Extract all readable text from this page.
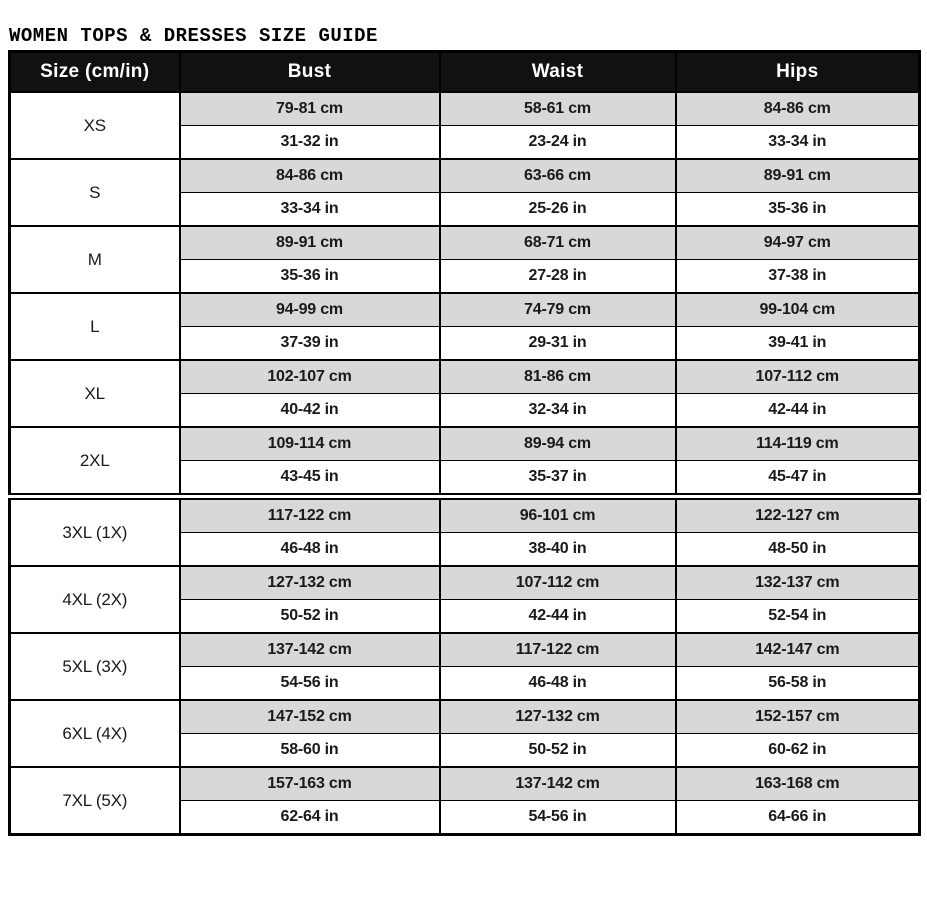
WOMEN TOPS & DRESSES SIZE GUIDE
Size (cm/in)	Bust	Waist	Hips
XS	79-81 cm	58-61 cm	84-86 cm
	31-32 in	23-24 in	33-34 in
S	84-86 cm	63-66 cm	89-91 cm
	33-34 in	25-26 in	35-36 in
M	89-91 cm	68-71 cm	94-97 cm
	35-36 in	27-28 in	37-38 in
L	94-99 cm	74-79 cm	99-104 cm
	37-39 in	29-31 in	39-41 in
XL	102-107 cm	81-86 cm	107-112 cm
	40-42 in	32-34 in	42-44 in
2XL	109-114 cm	89-94 cm	114-119 cm
	43-45 in	35-37 in	45-47 in
3XL (1X)	117-122 cm	96-101 cm	122-127 cm
	46-48 in	38-40 in	48-50 in
4XL (2X)	127-132 cm	107-112 cm	132-137 cm
	50-52 in	42-44 in	52-54 in
5XL (3X)	137-142 cm	117-122 cm	142-147 cm
	54-56 in	46-48 in	56-58 in
6XL (4X)	147-152 cm	127-132 cm	152-157 cm
	58-60 in	50-52 in	60-62 in
7XL (5X)	157-163 cm	137-142 cm	163-168 cm
	62-64 in	54-56 in	64-66 in
